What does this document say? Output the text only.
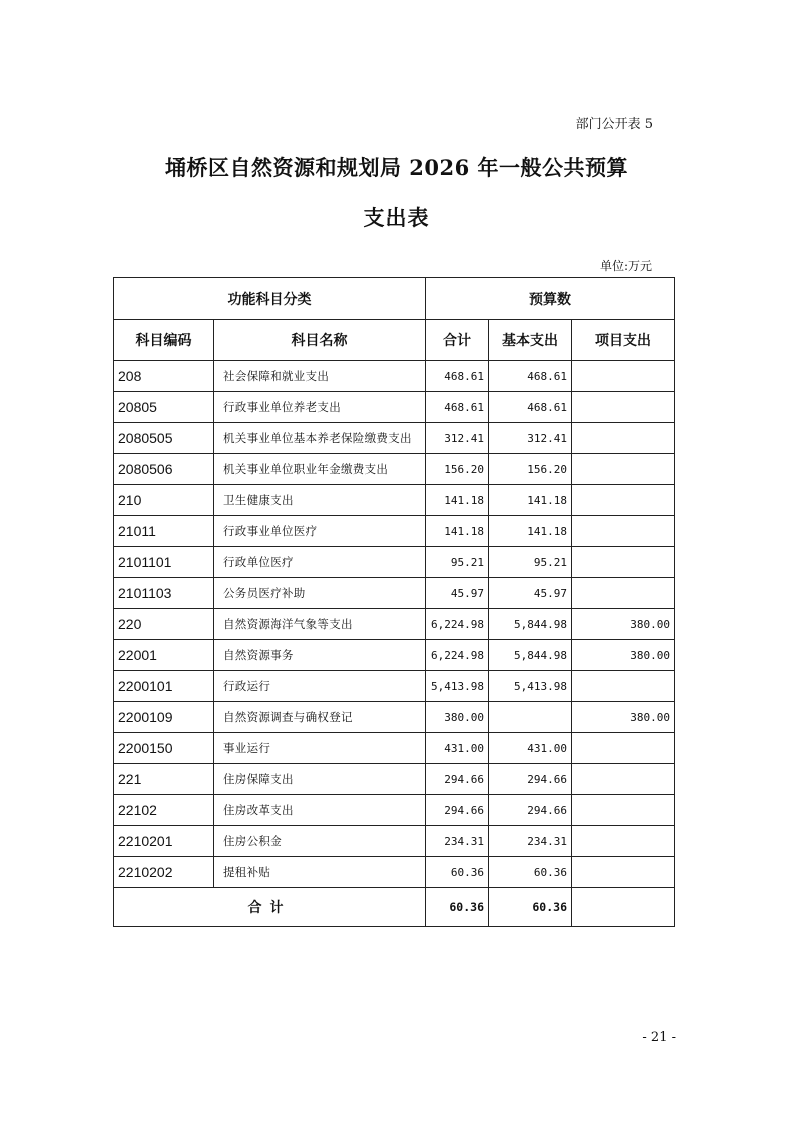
部门公开表 5
埇桥区自然资源和规划局 2026 年一般公共预算
支出表
单位:万元
功能科目分类		预算数		
科目编码	科目名称	合计	基本支出	项目支出
208	社会保障和就业支出	468.61	468.61	
20805	行政事业单位养老支出	468.61	468.61	
2080505	机关事业单位基本养老保险缴费支出	312.41	312.41	
2080506	机关事业单位职业年金缴费支出	156.20	156.20	
210	卫生健康支出	141.18	141.18	
21011	行政事业单位医疗	141.18	141.18	
2101101	行政单位医疗	95.21	95.21	
2101103	公务员医疗补助	45.97	45.97	
220	自然资源海洋气象等支出	6,224.98	5,844.98	380.00
22001	自然资源事务	6,224.98	5,844.98	380.00
2200101	行政运行	5,413.98	5,413.98	
2200109	自然资源调查与确权登记	380.00		380.00
2200150	事业运行	431.00	431.00	
221	住房保障支出	294.66	294.66	
22102	住房改革支出	294.66	294.66	
2210201	住房公积金	234.31	234.31	
2210202	提租补贴	60.36	60.36	
合计		60.36	60.36	
- 21 -
